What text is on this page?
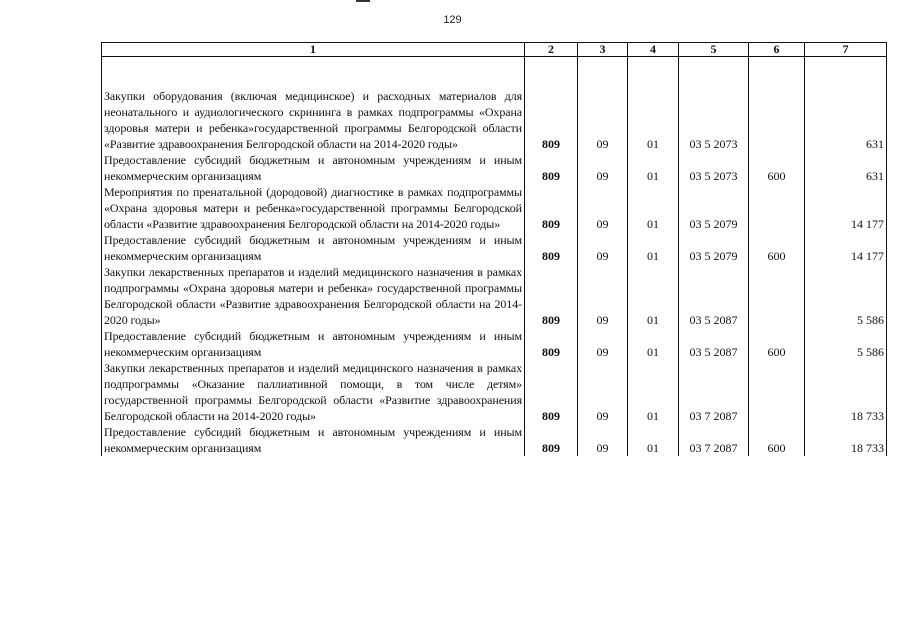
129
1	2	3	4	5	6	7
Закупки оборудования (включая медицинское) и расходных материалов для неонатального и аудиологического скрининга в рамках подпрограммы «Охрана здоровья матери и ребенка»государственной программы Белгородской области «Развитие здравоохранения Белгородской области на 2014-2020 годы»	809	09	01	03 5 2073		631
Предоставление субсидий бюджетным и автономным учреждениям и иным некоммерческим организациям	809	09	01	03 5 2073	600	631
Мероприятия по пренатальной (дородовой) диагностике в рамках подпрограммы «Охрана здоровья матери и ребенка»государственной программы Белгородской области «Развитие здравоохранения Белгородской области на 2014-2020 годы»	809	09	01	03 5 2079		14 177
Предоставление субсидий бюджетным и автономным учреждениям и иным некоммерческим организациям	809	09	01	03 5 2079	600	14 177
Закупки лекарственных препаратов и изделий медицинского назначения в рамках подпрограммы «Охрана здоровья матери и ребенка» государственной программы Белгородской области «Развитие здравоохранения Белгородской области на 2014-2020 годы»	809	09	01	03 5 2087		5 586
Предоставление субсидий бюджетным и автономным учреждениям и иным некоммерческим организациям	809	09	01	03 5 2087	600	5 586
Закупки лекарственных препаратов и изделий медицинского назначения в рамках подпрограммы «Оказание паллиативной помощи, в том числе детям» государственной программы Белгородской области «Развитие здравоохранения Белгородской области на 2014-2020 годы»	809	09	01	03 7 2087		18 733
Предоставление субсидий бюджетным и автономным учреждениям и иным некоммерческим организациям	809	09	01	03 7 2087	600	18 733
